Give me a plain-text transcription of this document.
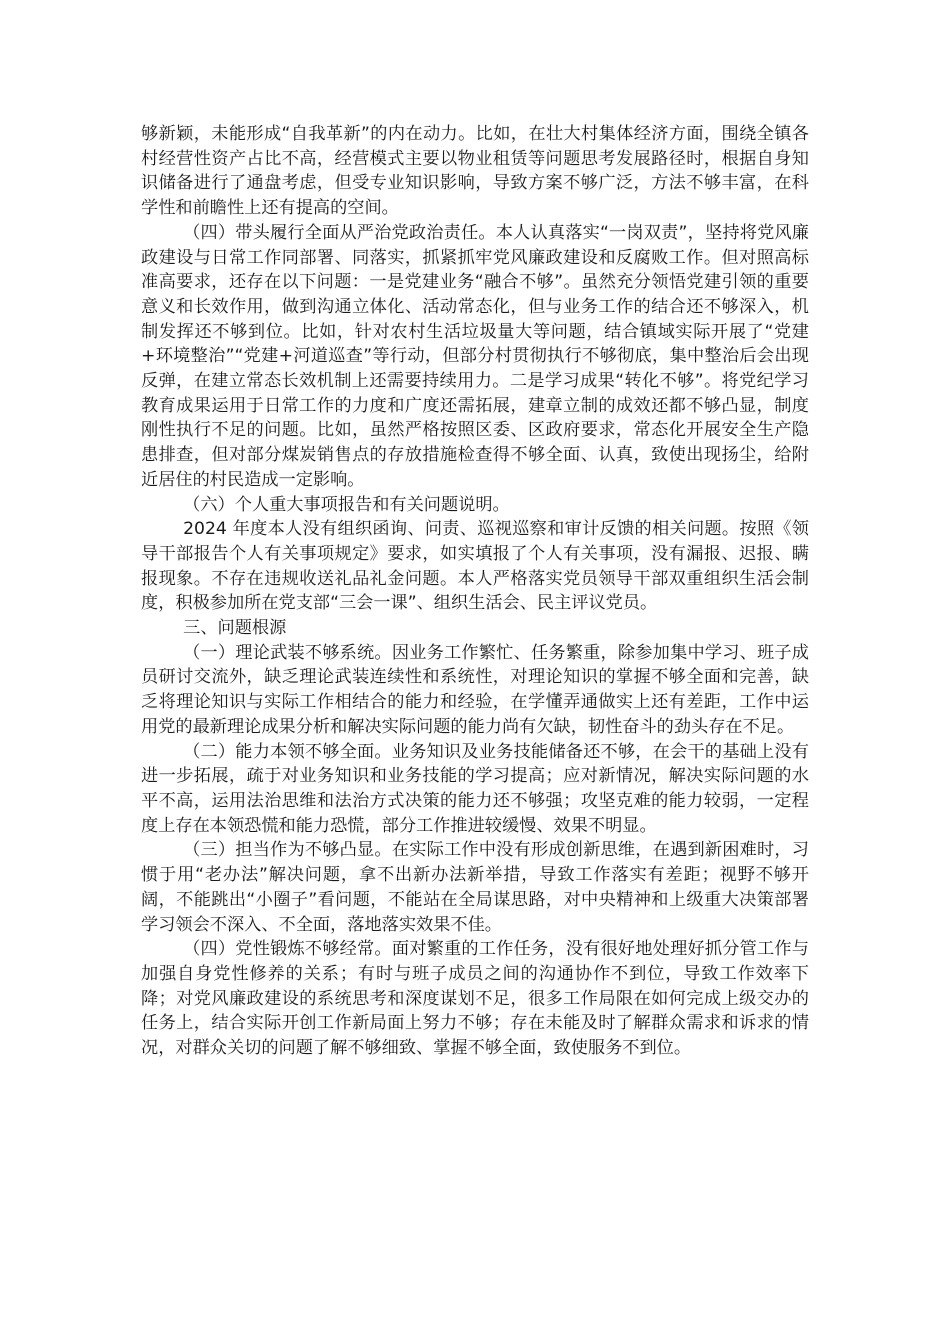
够新颖，未能形成“自我革新”的内在动力。比如，在壮大村集体经济方面，围绕全镇各村经营性资产占比不高，经营模式主要以物业租赁等问题思考发展路径时，根据自身知识储备进行了通盘考虑，但受专业知识影响，导致方案不够广泛，方法不够丰富，在科学性和前瞻性上还有提高的空间。

（四）带头履行全面从严治党政治责任。本人认真落实“一岗双责”，坚持将党风廉政建设与日常工作同部署、同落实，抓紧抓牢党风廉政建设和反腐败工作。但对照高标准高要求，还存在以下问题：一是党建业务“融合不够”。虽然充分领悟党建引领的重要意义和长效作用，做到沟通立体化、活动常态化，但与业务工作的结合还不够深入，机制发挥还不够到位。比如，针对农村生活垃圾量大等问题，结合镇域实际开展了“党建+环境整治”“党建+河道巡查”等行动，但部分村贯彻执行不够彻底，集中整治后会出现反弹，在建立常态长效机制上还需要持续用力。二是学习成果“转化不够”。将党纪学习教育成果运用于日常工作的力度和广度还需拓展，建章立制的成效还都不够凸显，制度刚性执行不足的问题。比如，虽然严格按照区委、区政府要求，常态化开展安全生产隐患排查，但对部分煤炭销售点的存放措施检查得不够全面、认真，致使出现扬尘，给附近居住的村民造成一定影响。

（六）个人重大事项报告和有关问题说明。

2024 年度本人没有组织函询、问责、巡视巡察和审计反馈的相关问题。按照《领导干部报告个人有关事项规定》要求，如实填报了个人有关事项，没有漏报、迟报、瞒报现象。不存在违规收送礼品礼金问题。本人严格落实党员领导干部双重组织生活会制度，积极参加所在党支部“三会一课”、组织生活会、民主评议党员。

三、问题根源

（一）理论武装不够系统。因业务工作繁忙、任务繁重，除参加集中学习、班子成员研讨交流外，缺乏理论武装连续性和系统性，对理论知识的掌握不够全面和完善，缺乏将理论知识与实际工作相结合的能力和经验，在学懂弄通做实上还有差距，工作中运用党的最新理论成果分析和解决实际问题的能力尚有欠缺，韧性奋斗的劲头存在不足。

（二）能力本领不够全面。业务知识及业务技能储备还不够，在会干的基础上没有进一步拓展，疏于对业务知识和业务技能的学习提高；应对新情况，解决实际问题的水平不高，运用法治思维和法治方式决策的能力还不够强；攻坚克难的能力较弱，一定程度上存在本领恐慌和能力恐慌，部分工作推进较缓慢、效果不明显。

（三）担当作为不够凸显。在实际工作中没有形成创新思维，在遇到新困难时，习惯于用“老办法”解决问题，拿不出新办法新举措，导致工作落实有差距；视野不够开阔，不能跳出“小圈子”看问题，不能站在全局谋思路，对中央精神和上级重大决策部署学习领会不深入、不全面，落地落实效果不佳。

（四）党性锻炼不够经常。面对繁重的工作任务，没有很好地处理好抓分管工作与加强自身党性修养的关系；有时与班子成员之间的沟通协作不到位，导致工作效率下降；对党风廉政建设的系统思考和深度谋划不足，很多工作局限在如何完成上级交办的任务上，结合实际开创工作新局面上努力不够；存在未能及时了解群众需求和诉求的情况，对群众关切的问题了解不够细致、掌握不够全面，致使服务不到位。
